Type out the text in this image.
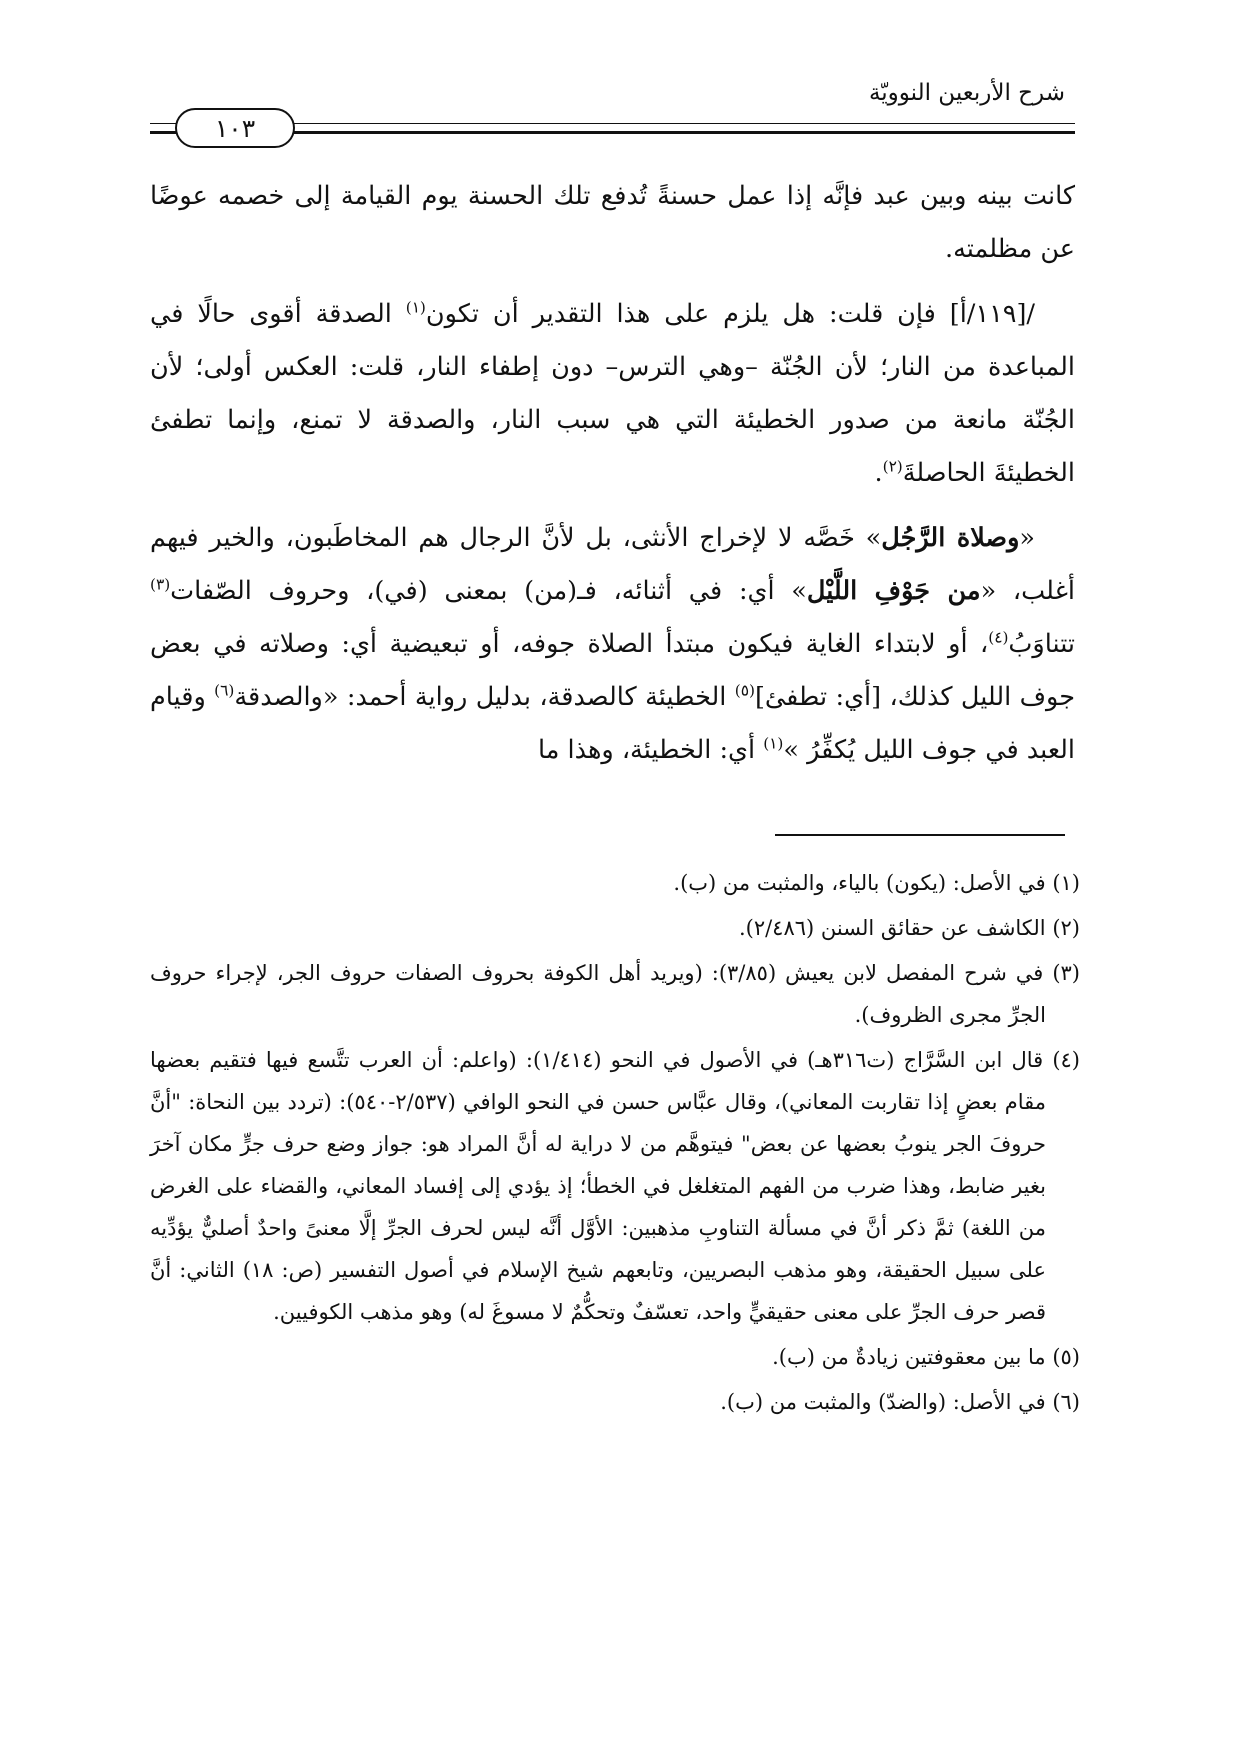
شرح الأربعين النوويّة
١٠٣

كانت بينه وبين عبد فإنَّه إذا عمل حسنةً تُدفع تلك الحسنة يوم القيامة إلى خصمه عوضًا عن مظلمته.

/[١١٩/أ] فإن قلت: هل يلزم على هذا التقدير أن تكون$^{(١)}$ الصدقة أقوى حالًا في المباعدة من النار؛ لأن الجُنّة –وهي الترس– دون إطفاء النار، قلت: العكس أولى؛ لأن الجُنّة مانعة من صدور الخطيئة التي هي سبب النار، والصدقة لا تمنع، وإنما تطفئ الخطيئةَ الحاصلةَ$^{(٢)}$.

«وصلاة الرَّجُل» خَصَّه لا لإخراج الأنثى، بل لأنَّ الرجال هم المخاطَبون، والخير فيهم أغلب، «من جَوْفِ اللَّيْل» أي: في أثنائه، فـ(من) بمعنى (في)، وحروف الصّفات$^{(٣)}$ تتناوَبُ$^{(٤)}$، أو لابتداء الغاية فيكون مبتدأ الصلاة جوفه، أو تبعيضية أي: وصلاته في بعض جوف الليل كذلك، [أي: تطفئ]$^{(٥)}$ الخطيئة كالصدقة، بدليل رواية أحمد: «والصدقة$^{(٦)}$ وقيام العبد في جوف الليل يُكفِّرُ »$^{(١)}$ أي: الخطيئة، وهذا ما

(١) في الأصل: (يكون) بالياء، والمثبت من (ب).

(٢) الكاشف عن حقائق السنن (٢/٤٨٦).

(٣) في شرح المفصل لابن يعيش (٣/٨٥): (ويريد أهل الكوفة بحروف الصفات حروف الجر، لإجراء حروف الجرِّ مجرى الظروف).

(٤) قال ابن السَّرَّاج (ت٣١٦هـ) في الأصول في النحو (١/٤١٤): (واعلم: أن العرب تتَّسع فيها فتقيم بعضها مقام بعضٍ إذا تقاربت المعاني)، وقال عبَّاس حسن في النحو الوافي (٢/٥٣٧-٥٤٠): (تردد بين النحاة: "أنَّ حروفَ الجر ينوبُ بعضها عن بعض" فيتوهَّم من لا دراية له أنَّ المراد هو: جواز وضع حرف جرٍّ مكان آخرَ بغير ضابط، وهذا ضرب من الفهم المتغلغل في الخطأ؛ إذ يؤدي إلى إفساد المعاني، والقضاء على الغرض من اللغة) ثمَّ ذكر أنَّ في مسألة التناوبِ مذهبين: الأوَّل أنَّه ليس لحرف الجرِّ إلَّا معنىً واحدٌ أصليٌّ يؤدِّيه على سبيل الحقيقة، وهو مذهب البصريين، وتابعهم شيخ الإسلام في أصول التفسير (ص: ١٨) الثاني: أنَّ قصر حرف الجرِّ على معنى حقيقيٍّ واحد، تعسّفٌ وتحكُّمٌ لا مسوغَ له) وهو مذهب الكوفيين.

(٥) ما بين معقوفتين زيادةٌ من (ب).

(٦) في الأصل: (والضدّ) والمثبت من (ب).
